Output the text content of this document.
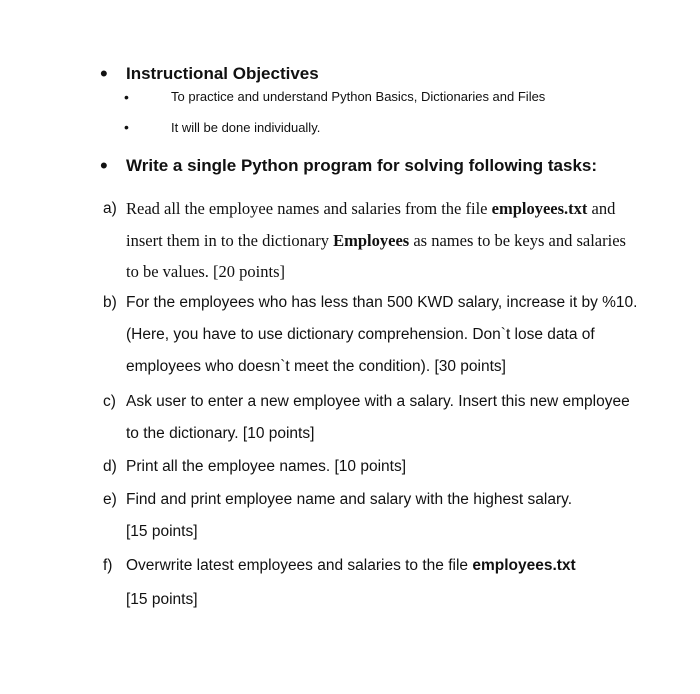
• Instructional Objectives
•	To practice and understand Python Basics, Dictionaries and Files
•	It will be done individually.
• Write a single Python program for solving following tasks:
a) Read all the employee names and salaries from the file employees.txt and
insert them in to the dictionary Employees as names to be keys and salaries
to be values. [20 points]
b) For the employees who has less than 500 KWD salary, increase it by %10.
(Here, you have to use dictionary comprehension. Don`t lose data of
employees who doesn`t meet the condition). [30 points]
c) Ask user to enter a new employee with a salary. Insert this new employee
to the dictionary. [10 points]
d) Print all the employee names. [10 points]
e) Find and print employee name and salary with the highest salary.
[15 points]
f) Overwrite latest employees and salaries to the file employees.txt
[15 points]
